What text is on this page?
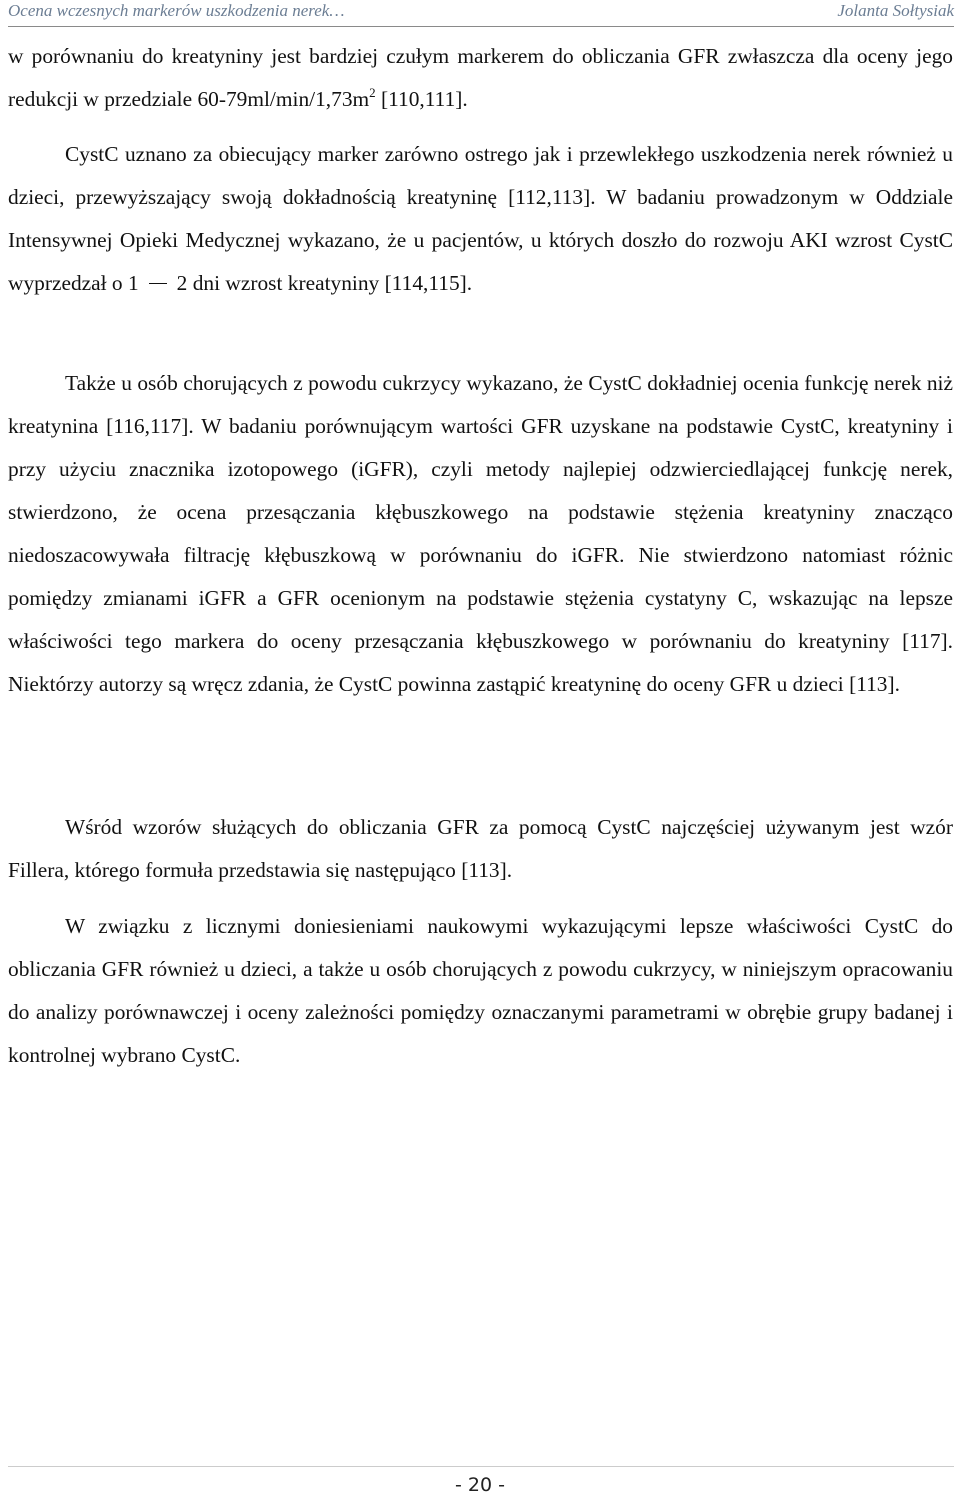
Ocena wczesnych markerów uszkodzenia nerek…	Jolanta Sołtysiak

w porównaniu do kreatyniny jest bardziej czułym markerem do obliczania GFR zwłaszcza dla oceny jego redukcji w przedziale $60-79ml/\min/1,73m^2$ [110,111].

CystC uznano za obiecujący marker zarówno ostrego jak i przewlekłego uszkodzenia nerek również u dzieci, przewyższający swoją dokładnością kreatyninę [112,113]. W badaniu prowadzonym w Oddziale Intensywnej Opieki Medycznej wykazano, że u pacjentów, u których doszło do rozwoju AKI wzrost CystC wyprzedzał o 1 2 dni wzrost kreatyniny [114,115].

Także u osób chorujących z powodu cukrzycy wykazano, że CystC dokładniej ocenia funkcję nerek niż kreatynina [116,117]. W badaniu porównującym wartości GFR uzyskane na podstawie CystC, kreatyniny i przy użyciu znacznika izotopowego (iGFR), czyli metody najlepiej odzwierciedlającej funkcję nerek, stwierdzono, że ocena przesączania kłębuszkowego na podstawie stężenia kreatyniny znacząco niedoszacowywała filtrację kłębuszkową w porównaniu do iGFR. Nie stwierdzono natomiast różnic pomiędzy zmianami iGFR a GFR ocenionym na podstawie stężenia cystatyny C, wskazując na lepsze właściwości tego markera do oceny przesączania kłębuszkowego w porównaniu do kreatyniny [117]. Niektórzy autorzy są wręcz zdania, że CystC powinna zastąpić kreatyninę do oceny GFR u dzieci [113].

Wśród wzorów służących do obliczania GFR za pomocą CystC najczęściej używanym jest wzór Fillera, którego formuła przedstawia się następująco [113].

W związku z licznymi doniesieniami naukowymi wykazującymi lepsze właściwości CystC do obliczania GFR również u dzieci, a także u osób chorujących z powodu cukrzycy, w niniejszym opracowaniu do analizy porównawczej i oceny zależności pomiędzy oznaczanymi parametrami w obrębie grupy badanej i kontrolnej wybrano CystC.

- 20 -
